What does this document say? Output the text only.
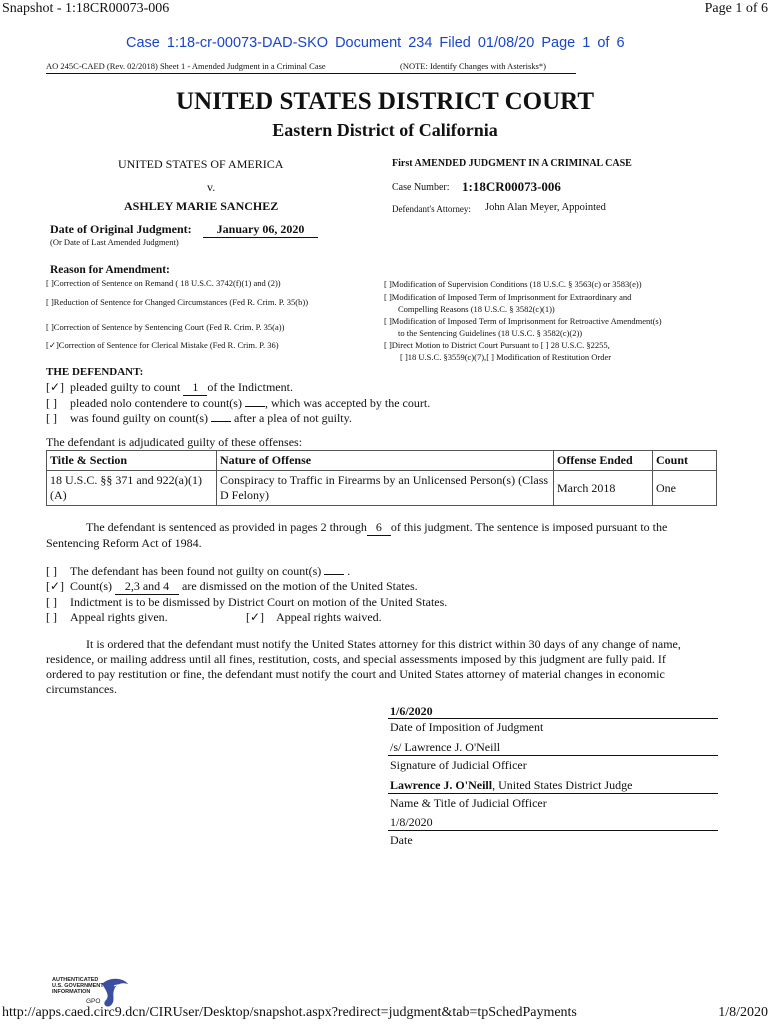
Snapshot - 1:18CR00073-006	Page 1 of 6
Case 1:18-cr-00073-DAD-SKO Document 234 Filed 01/08/20 Page 1 of 6
AO 245C-CAED (Rev. 02/2018) Sheet 1 - Amended Judgment in a Criminal Case	(NOTE: Identify Changes with Asterisks*)
UNITED STATES DISTRICT COURT
Eastern District of California
UNITED STATES OF AMERICA
v.
ASHLEY MARIE SANCHEZ
First AMENDED JUDGMENT IN A CRIMINAL CASE
Case Number: 1:18CR00073-006
Defendant's Attorney: John Alan Meyer, Appointed
Date of Original Judgment:	January 06, 2020
(Or Date of Last Amended Judgment)
Reason for Amendment:
[ ]Correction of Sentence on Remand ( 18 U.S.C. 3742(f)(1) and (2))
[ ]Reduction of Sentence for Changed Circumstances (Fed R. Crim. P. 35(b))
[ ]Correction of Sentence by Sentencing Court (Fed R. Crim. P. 35(a))
[✓]Correction of Sentence for Clerical Mistake (Fed R. Crim. P. 36)
[ ]Modification of Supervision Conditions (18 U.S.C. § 3563(c) or 3583(e))
[ ]Modification of Imposed Term of Imprisonment for Extraordinary and
Compelling Reasons (18 U.S.C. § 3582(c)(1))
[ ]Modification of Imposed Term of Imprisonment for Retroactive Amendment(s)
to the Sentencing Guidelines (18 U.S.C. § 3582(c)(2))
[ ]Direct Motion to District Court Pursuant to [ ] 28 U.S.C. §2255,
[ ]18 U.S.C. §3559(c)(7),[ ] Modification of Restitution Order
THE DEFENDANT:
[✓] pleaded guilty to count 1 of the Indictment.
[ ] pleaded nolo contendere to count(s) , which was accepted by the court.
[ ] was found guilty on count(s) after a plea of not guilty.
The defendant is adjudicated guilty of these offenses:
Title & Section	Nature of Offense	Offense Ended	Count
18 U.S.C. §§ 371 and 922(a)(1) (A)	Conspiracy to Traffic in Firearms by an Unlicensed Person(s) (Class D Felony)	March 2018	One
The defendant is sentenced as provided in pages 2 through 6 of this judgment. The sentence is imposed pursuant to the
Sentencing Reform Act of 1984.
[ ] The defendant has been found not guilty on count(s) .
[✓] Count(s) 2,3 and 4 are dismissed on the motion of the United States.
[ ] Indictment is to be dismissed by District Court on motion of the United States.
[ ] Appeal rights given.	[✓] Appeal rights waived.
It is ordered that the defendant must notify the United States attorney for this district within 30 days of any change of name,
residence, or mailing address until all fines, restitution, costs, and special assessments imposed by this judgment are fully paid. If
ordered to pay restitution or fine, the defendant must notify the court and United States attorney of material changes in economic
circumstances.
1/6/2020
Date of Imposition of Judgment
/s/ Lawrence J. O'Neill
Signature of Judicial Officer
Lawrence J. O'Neill, United States District Judge
Name & Title of Judicial Officer
1/8/2020
Date
AUTHENTICATED
U.S. GOVERNMENT
INFORMATION
GPO
http://apps.caed.circ9.dcn/CIRUser/Desktop/snapshot.aspx?redirect=judgment&tab=tpSchedPayments	1/8/2020
